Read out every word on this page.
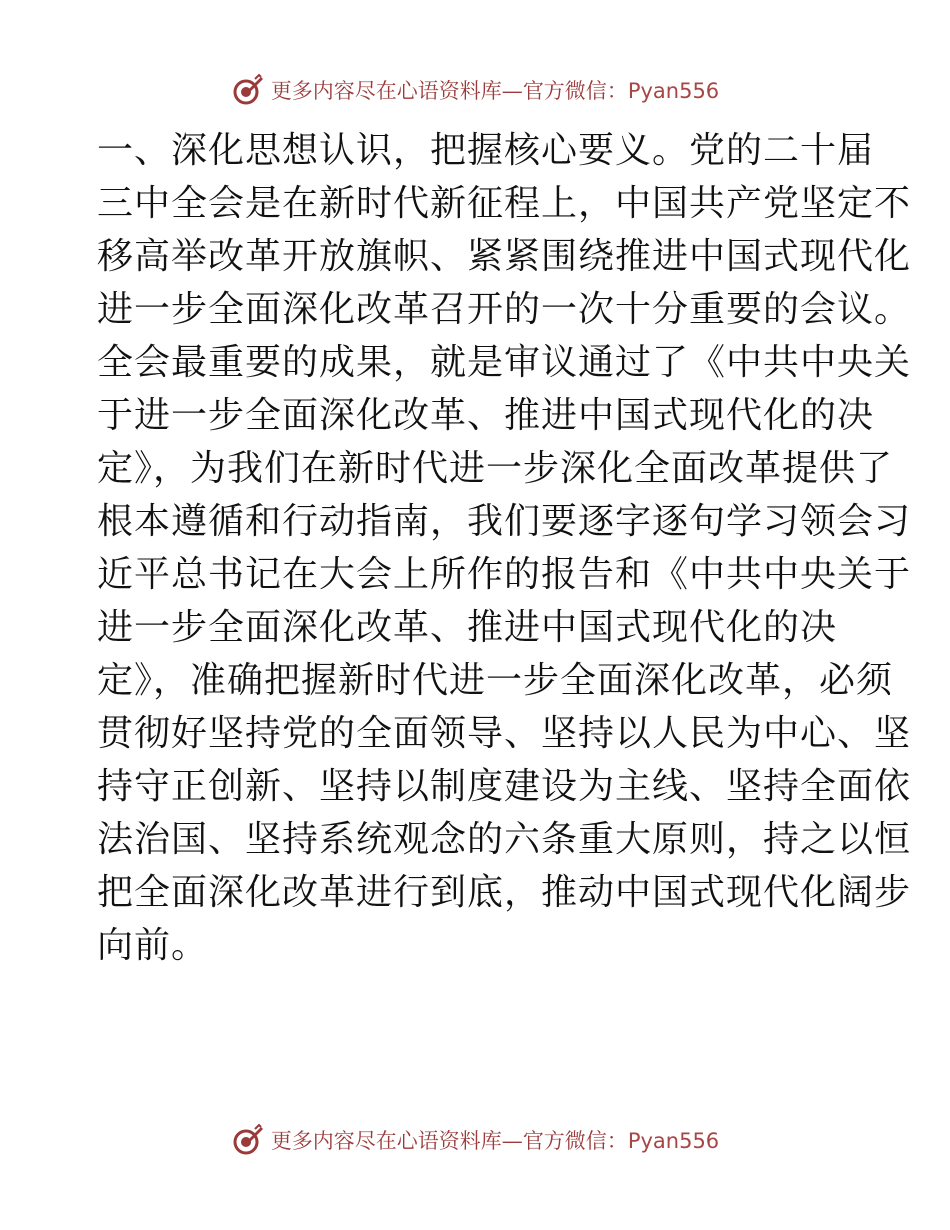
更多内容尽在心语资料库—官方微信：Pyan556
一、深化思想认识，把握核心要义。党的二十届
三中全会是在新时代新征程上，中国共产党坚定不
移高举改革开放旗帜、紧紧围绕推进中国式现代化
进一步全面深化改革召开的一次十分重要的会议。
全会最重要的成果，就是审议通过了《中共中央关
于进一步全面深化改革、推进中国式现代化的决
定》，为我们在新时代进一步深化全面改革提供了
根本遵循和行动指南，我们要逐字逐句学习领会习
近平总书记在大会上所作的报告和《中共中央关于
进一步全面深化改革、推进中国式现代化的决
定》，准确把握新时代进一步全面深化改革，必须
贯彻好坚持党的全面领导、坚持以人民为中心、坚
持守正创新、坚持以制度建设为主线、坚持全面依
法治国、坚持系统观念的六条重大原则，持之以恒
把全面深化改革进行到底，推动中国式现代化阔步
向前。
更多内容尽在心语资料库—官方微信：Pyan556
